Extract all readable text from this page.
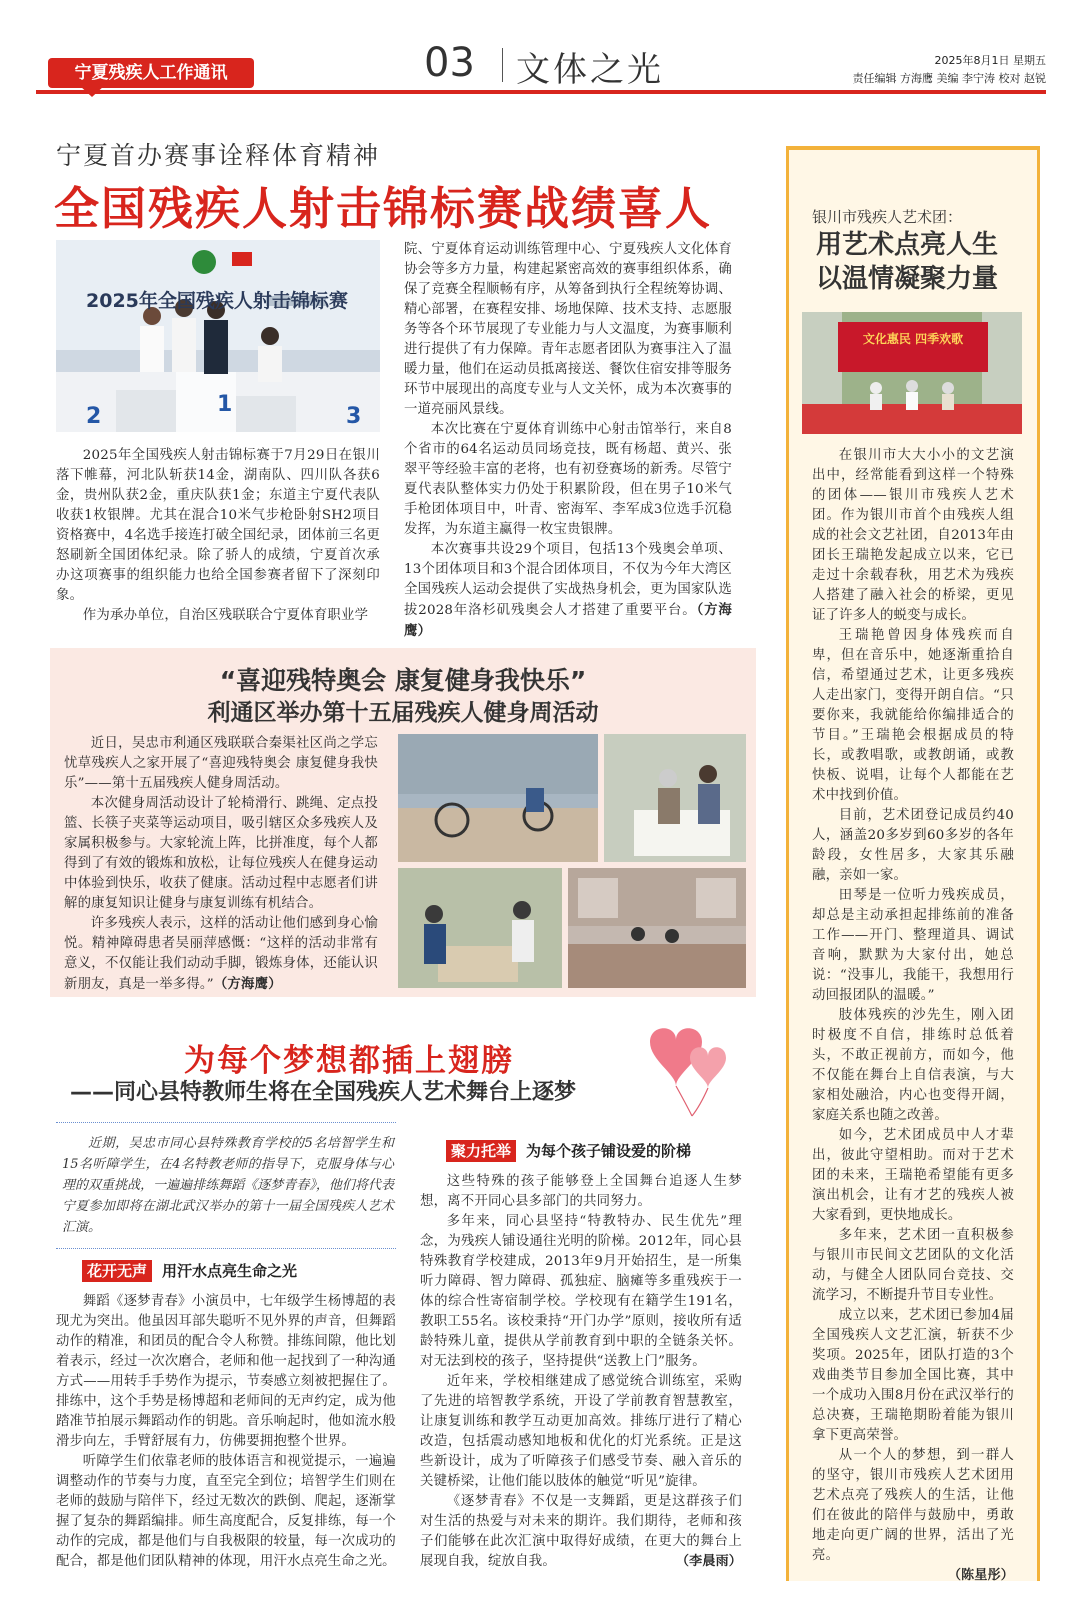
宁夏残疾人工作通讯	03 文体之光	2025年8月1日 星期五
责任编辑 方海鹰 美编 李宁涛 校对 赵锐
宁夏首办赛事诠释体育精神
全国残疾人射击锦标赛战绩喜人
2025年全国残疾人射击锦标赛
2	1	3

2025年全国残疾人射击锦标赛于7月29日在银川落下帷幕，河北队斩获14金，湖南队、四川队各获6金，贵州队获2金，重庆队获1金；东道主宁夏代表队收获1枚银牌。尤其在混合10米气步枪卧射SH2项目资格赛中，4名选手接连打破全国纪录，团体前三名更怒刷新全国团体纪录。除了骄人的成绩，宁夏首次承办这项赛事的组织能力也给全国参赛者留下了深刻印象。

作为承办单位，自治区残联联合宁夏体育职业学

院、宁夏体育运动训练管理中心、宁夏残疾人文化体育协会等多方力量，构建起紧密高效的赛事组织体系，确保了竞赛全程顺畅有序，从筹备到执行全程统筹协调、精心部署，在赛程安排、场地保障、技术支持、志愿服务等各个环节展现了专业能力与人文温度，为赛事顺利进行提供了有力保障。青年志愿者团队为赛事注入了温暖力量，他们在运动员抵离接送、餐饮住宿安排等服务环节中展现出的高度专业与人文关怀，成为本次赛事的一道亮丽风景线。

本次比赛在宁夏体育训练中心射击馆举行，来自8个省市的64名运动员同场竞技，既有杨超、黄兴、张翠平等经验丰富的老将，也有初登赛场的新秀。尽管宁夏代表队整体实力仍处于积累阶段，但在男子10米气手枪团体项目中，叶青、密海军、李军成3位选手沉稳发挥，为东道主赢得一枚宝贵银牌。

本次赛事共设29个项目，包括13个残奥会单项、13个团体项目和3个混合团体项目，不仅为今年大湾区全国残疾人运动会提供了实战热身机会，更为国家队选拔2028年洛杉矶残奥会人才搭建了重要平台。（方海鹰）

银川市残疾人艺术团：
用艺术点亮人生 以温情凝聚力量
文化惠民 四季欢歌

在银川市大大小小的文艺演出中，经常能看到这样一个特殊的团体——银川市残疾人艺术团。作为银川市首个由残疾人组成的社会文艺社团，自2013年由团长王瑞艳发起成立以来，它已走过十余载春秋，用艺术为残疾人搭建了融入社会的桥梁，更见证了许多人的蜕变与成长。

王瑞艳曾因身体残疾而自卑，但在音乐中，她逐渐重拾自信，希望通过艺术，让更多残疾人走出家门，变得开朗自信。“只要你来，我就能给你编排适合的节目。”王瑞艳会根据成员的特长，或教唱歌，或教朗诵，或教快板、说唱，让每个人都能在艺术中找到价值。

目前，艺术团登记成员约40人，涵盖20多岁到60多岁的各年龄段，女性居多，大家其乐融融，亲如一家。

田琴是一位听力残疾成员，却总是主动承担起排练前的准备工作——开门、整理道具、调试音响，默默为大家付出，她总说：“没事儿，我能干，我想用行动回报团队的温暖。”

肢体残疾的沙先生，刚入团时极度不自信，排练时总低着头，不敢正视前方，而如今，他不仅能在舞台上自信表演，与大家相处融洽，内心也变得开阔，家庭关系也随之改善。

如今，艺术团成员中人才辈出，彼此守望相助。而对于艺术团的未来，王瑞艳希望能有更多演出机会，让有才艺的残疾人被大家看到，更快地成长。

多年来，艺术团一直积极参与银川市民间文艺团队的文化活动，与健全人团队同台竞技、交流学习，不断提升节目专业性。

成立以来，艺术团已参加4届全国残疾人文艺汇演，斩获不少奖项。2025年，团队打造的3个戏曲类节目参加全国比赛，其中一个成功入围8月份在武汉举行的总决赛，王瑞艳期盼着能为银川拿下更高荣誉。

从一个人的梦想，到一群人的坚守，银川市残疾人艺术团用艺术点亮了残疾人的生活，让他们在彼此的陪伴与鼓励中，勇敢地走向更广阔的世界，活出了光亮。

（陈星彤）

“喜迎残特奥会 康复健身我快乐”
利通区举办第十五届残疾人健身周活动

近日，吴忠市利通区残联联合秦渠社区尚之学忘忧草残疾人之家开展了“喜迎残特奥会 康复健身我快乐”——第十五届残疾人健身周活动。

本次健身周活动设计了轮椅滑行、跳绳、定点投篮、长筷子夹菜等运动项目，吸引辖区众多残疾人及家属积极参与。大家轮流上阵，比拼准度，每个人都得到了有效的锻炼和放松，让每位残疾人在健身运动中体验到快乐，收获了健康。活动过程中志愿者们讲解的康复知识让健身与康复训练有机结合。

许多残疾人表示，这样的活动让他们感到身心愉悦。精神障碍患者吴丽萍感慨：“这样的活动非常有意义，不仅能让我们动动手脚，锻炼身体，还能认识新朋友，真是一举多得。”（方海鹰）

为每个梦想都插上翅膀
——同心县特教师生将在全国残疾人艺术舞台上逐梦
近期，吴忠市同心县特殊教育学校的5名培智学生和15名听障学生，在4名特教老师的指导下，克服身体与心理的双重挑战，一遍遍排练舞蹈《逐梦青春》，他们将代表宁夏参加即将在湖北武汉举办的第十一届全国残疾人艺术汇演。
花开无声 用汗水点亮生命之光

舞蹈《逐梦青春》小演员中，七年级学生杨博超的表现尤为突出。他虽因耳部失聪听不见外界的声音，但舞蹈动作的精准，和团员的配合令人称赞。排练间隙，他比划着表示，经过一次次磨合，老师和他一起找到了一种沟通方式——用转手手势作为提示，节奏感立刻被把握住了。排练中，这个手势是杨博超和老师间的无声约定，成为他踏准节拍展示舞蹈动作的钥匙。音乐响起时，他如流水般滑步向左，手臂舒展有力，仿佛要拥抱整个世界。

听障学生们依靠老师的肢体语言和视觉提示，一遍遍调整动作的节奏与力度，直至完全到位；培智学生们则在老师的鼓励与陪伴下，经过无数次的跌倒、爬起，逐渐掌握了复杂的舞蹈编排。师生高度配合，反复排练，每一个动作的完成，都是他们与自我极限的较量，每一次成功的配合，都是他们团队精神的体现，用汗水点亮生命之光。

聚力托举 为每个孩子铺设爱的阶梯

这些特殊的孩子能够登上全国舞台追逐人生梦想，离不开同心县多部门的共同努力。

多年来，同心县坚持“特教特办、民生优先”理念，为残疾人铺设通往光明的阶梯。2012年，同心县特殊教育学校建成，2013年9月开始招生，是一所集听力障碍、智力障碍、孤独症、脑瘫等多重残疾于一体的综合性寄宿制学校。学校现有在籍学生191名，教职工55名。该校秉持“开门办学”原则，接收所有适龄特殊儿童，提供从学前教育到中职的全链条关怀。对无法到校的孩子，坚持提供“送教上门”服务。

近年来，学校相继建成了感觉统合训练室，采购了先进的培智教学系统，开设了学前教育智慧教室，让康复训练和教学互动更加高效。排练厅进行了精心改造，包括震动感知地板和优化的灯光系统。正是这些新设计，成为了听障孩子们感受节奏、融入音乐的关键桥梁，让他们能以肢体的触觉“听见”旋律。

《逐梦青春》不仅是一支舞蹈，更是这群孩子们对生活的热爱与对未来的期许。我们期待，老师和孩子们能够在此次汇演中取得好成绩，在更大的舞台上展现自我，绽放自我。	（李晨雨）
